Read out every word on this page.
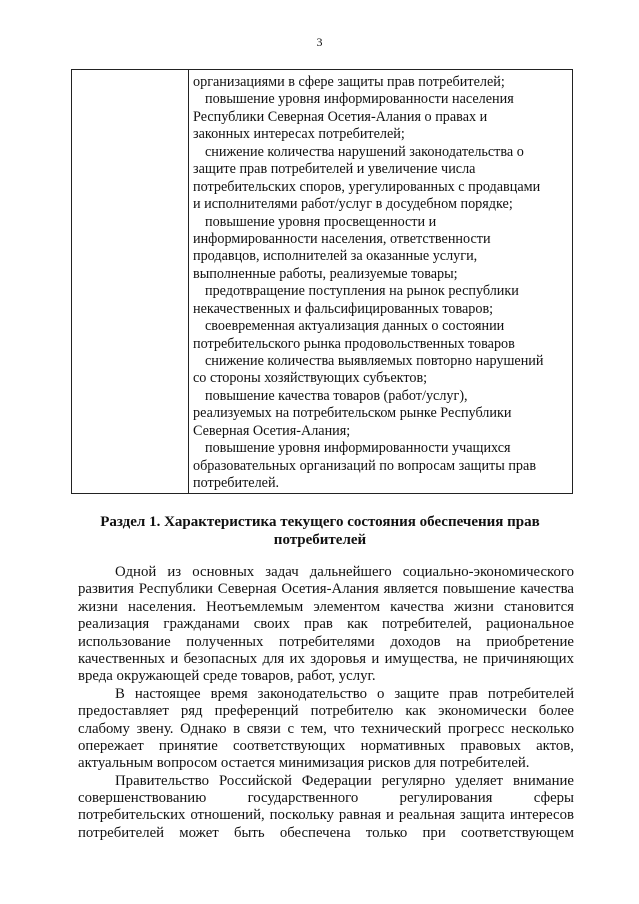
3
организациями в сфере защиты прав потребителей;
повышение уровня информированности населения
Республики Северная Осетия-Алания о правах и
законных интересах потребителей;
снижение количества нарушений законодательства о
защите прав потребителей и увеличение числа
потребительских споров, урегулированных с продавцами
и исполнителями работ/услуг в досудебном порядке;
повышение уровня просвещенности и
информированности населения, ответственности
продавцов, исполнителей за оказанные услуги,
выполненные работы, реализуемые товары;
предотвращение поступления на рынок республики
некачественных и фальсифицированных товаров;
своевременная актуализация данных о состоянии
потребительского рынка продовольственных товаров
снижение количества выявляемых повторно нарушений
со стороны хозяйствующих субъектов;
повышение качества товаров (работ/услуг),
реализуемых на потребительском рынке Республики
Северная Осетия-Алания;
повышение уровня информированности учащихся
образовательных организаций по вопросам защиты прав
потребителей.
Раздел 1. Характеристика текущего состояния обеспечения прав
потребителей
Одной из основных задач дальнейшего социально-экономического
развития Республики Северная Осетия-Алания является повышение качества
жизни населения. Неотъемлемым элементом качества жизни становится
реализация гражданами своих прав как потребителей, рациональное
использование полученных потребителями доходов на приобретение
качественных и безопасных для их здоровья и имущества, не причиняющих
вреда окружающей среде товаров, работ, услуг.
В настоящее время законодательство о защите прав потребителей
предоставляет ряд преференций потребителю как экономически более
слабому звену. Однако в связи с тем, что технический прогресс несколько
опережает принятие соответствующих нормативных правовых актов,
актуальным вопросом остается минимизация рисков для потребителей.
Правительство Российской Федерации регулярно уделяет внимание
совершенствованию государственного регулирования сферы
потребительских отношений, поскольку равная и реальная защита интересов
потребителей может быть обеспечена только при соответствующем
